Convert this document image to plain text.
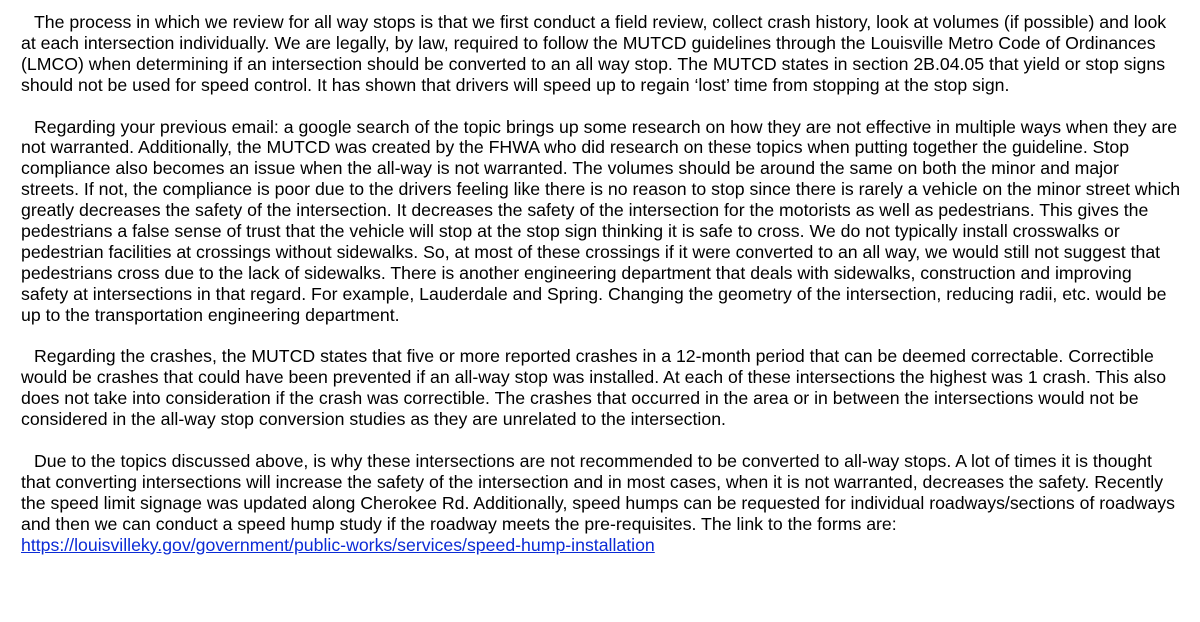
The process in which we review for all way stops is that we first conduct a field review, collect crash history, look at volumes (if possible) and look at each intersection individually. We are legally, by law, required to follow the MUTCD guidelines through the Louisville Metro Code of Ordinances (LMCO) when determining if an intersection should be converted to an all way stop. The MUTCD states in section 2B.04.05 that yield or stop signs should not be used for speed control. It has shown that drivers will speed up to regain ‘lost’ time from stopping at the stop sign.

Regarding your previous email: a google search of the topic brings up some research on how they are not effective in multiple ways when they are not warranted. Additionally, the MUTCD was created by the FHWA who did research on these topics when putting together the guideline. Stop compliance also becomes an issue when the all-way is not warranted. The volumes should be around the same on both the minor and major streets. If not, the compliance is poor due to the drivers feeling like there is no reason to stop since there is rarely a vehicle on the minor street which greatly decreases the safety of the intersection. It decreases the safety of the intersection for the motorists as well as pedestrians. This gives the pedestrians a false sense of trust that the vehicle will stop at the stop sign thinking it is safe to cross. We do not typically install crosswalks or pedestrian facilities at crossings without sidewalks. So, at most of these crossings if it were converted to an all way, we would still not suggest that pedestrians cross due to the lack of sidewalks. There is another engineering department that deals with sidewalks, construction and improving safety at intersections in that regard. For example, Lauderdale and Spring. Changing the geometry of the intersection, reducing radii, etc. would be up to the transportation engineering department.

Regarding the crashes, the MUTCD states that five or more reported crashes in a 12-month period that can be deemed correctable. Correctible would be crashes that could have been prevented if an all-way stop was installed. At each of these intersections the highest was 1 crash. This also does not take into consideration if the crash was correctible. The crashes that occurred in the area or in between the intersections would not be considered in the all-way stop conversion studies as they are unrelated to the intersection.

Due to the topics discussed above, is why these intersections are not recommended to be converted to all-way stops. A lot of times it is thought that converting intersections will increase the safety of the intersection and in most cases, when it is not warranted, decreases the safety. Recently the speed limit signage was updated along Cherokee Rd. Additionally, speed humps can be requested for individual roadways/sections of roadways and then we can conduct a speed hump study if the roadway meets the pre-requisites. The link to the forms are: https://louisvilleky.gov/government/public-works/services/speed-hump-installation
